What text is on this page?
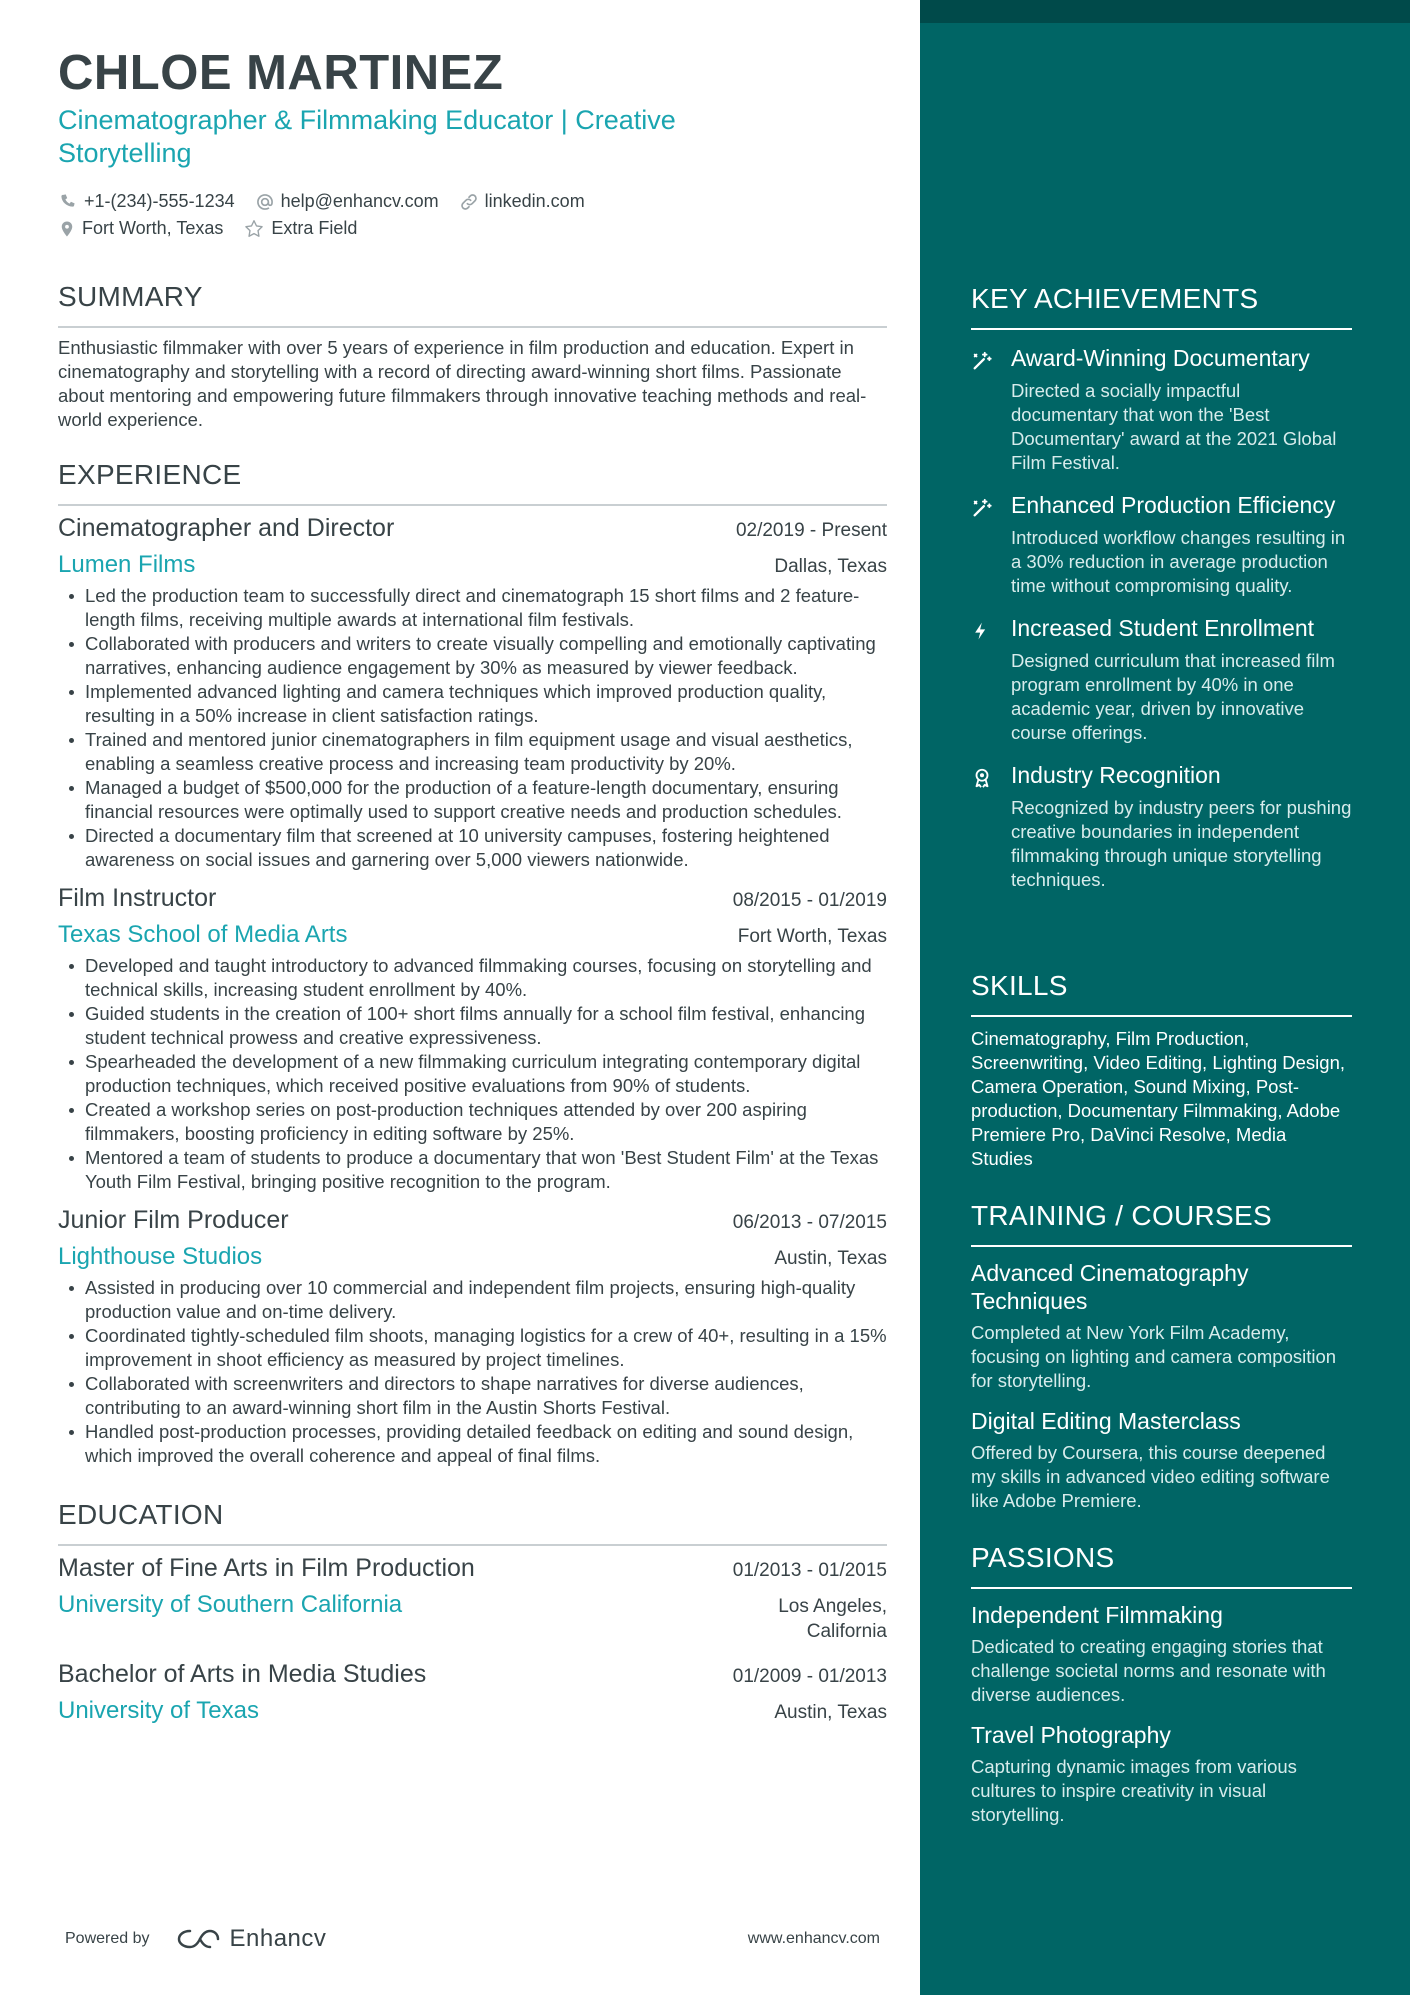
CHLOE MARTINEZ
Cinematographer & Filmmaking Educator | Creative Storytelling
+1-(234)-555-1234	help@enhancv.com	linkedin.com
Fort Worth, Texas	Extra Field
SUMMARY
Enthusiastic filmmaker with over 5 years of experience in film production and education. Expert in cinematography and storytelling with a record of directing award-winning short films. Passionate about mentoring and empowering future filmmakers through innovative teaching methods and real-world experience.
EXPERIENCE
Cinematographer and Director	02/2019 - Present
Lumen Films	Dallas, Texas
Led the production team to successfully direct and cinematograph 15 short films and 2 feature-length films, receiving multiple awards at international film festivals.
Collaborated with producers and writers to create visually compelling and emotionally captivating narratives, enhancing audience engagement by 30% as measured by viewer feedback.
Implemented advanced lighting and camera techniques which improved production quality, resulting in a 50% increase in client satisfaction ratings.
Trained and mentored junior cinematographers in film equipment usage and visual aesthetics, enabling a seamless creative process and increasing team productivity by 20%.
Managed a budget of $500,000 for the production of a feature-length documentary, ensuring financial resources were optimally used to support creative needs and production schedules.
Directed a documentary film that screened at 10 university campuses, fostering heightened awareness on social issues and garnering over 5,000 viewers nationwide.
Film Instructor	08/2015 - 01/2019
Texas School of Media Arts	Fort Worth, Texas
Developed and taught introductory to advanced filmmaking courses, focusing on storytelling and technical skills, increasing student enrollment by 40%.
Guided students in the creation of 100+ short films annually for a school film festival, enhancing student technical prowess and creative expressiveness.
Spearheaded the development of a new filmmaking curriculum integrating contemporary digital production techniques, which received positive evaluations from 90% of students.
Created a workshop series on post-production techniques attended by over 200 aspiring filmmakers, boosting proficiency in editing software by 25%.
Mentored a team of students to produce a documentary that won 'Best Student Film' at the Texas Youth Film Festival, bringing positive recognition to the program.
Junior Film Producer	06/2013 - 07/2015
Lighthouse Studios	Austin, Texas
Assisted in producing over 10 commercial and independent film projects, ensuring high-quality production value and on-time delivery.
Coordinated tightly-scheduled film shoots, managing logistics for a crew of 40+, resulting in a 15% improvement in shoot efficiency as measured by project timelines.
Collaborated with screenwriters and directors to shape narratives for diverse audiences, contributing to an award-winning short film in the Austin Shorts Festival.
Handled post-production processes, providing detailed feedback on editing and sound design, which improved the overall coherence and appeal of final films.
EDUCATION
Master of Fine Arts in Film Production	01/2013 - 01/2015
University of Southern California	Los Angeles,
California
Bachelor of Arts in Media Studies	01/2009 - 01/2013
University of Texas	Austin, Texas
KEY ACHIEVEMENTS
Award-Winning Documentary
Directed a socially impactful documentary that won the 'Best Documentary' award at the 2021 Global Film Festival.
Enhanced Production Efficiency
Introduced workflow changes resulting in a 30% reduction in average production time without compromising quality.
Increased Student Enrollment
Designed curriculum that increased film program enrollment by 40% in one academic year, driven by innovative course offerings.
Industry Recognition
Recognized by industry peers for pushing creative boundaries in independent filmmaking through unique storytelling techniques.
SKILLS
Cinematography, Film Production, Screenwriting, Video Editing, Lighting Design, Camera Operation, Sound Mixing, Post-production, Documentary Filmmaking, Adobe Premiere Pro, DaVinci Resolve, Media Studies
TRAINING / COURSES
Advanced Cinematography Techniques
Completed at New York Film Academy, focusing on lighting and camera composition for storytelling.
Digital Editing Masterclass
Offered by Coursera, this course deepened my skills in advanced video editing software like Adobe Premiere.
PASSIONS
Independent Filmmaking
Dedicated to creating engaging stories that challenge societal norms and resonate with diverse audiences.
Travel Photography
Capturing dynamic images from various cultures to inspire creativity in visual storytelling.
Powered by	Enhancv	www.enhancv.com
